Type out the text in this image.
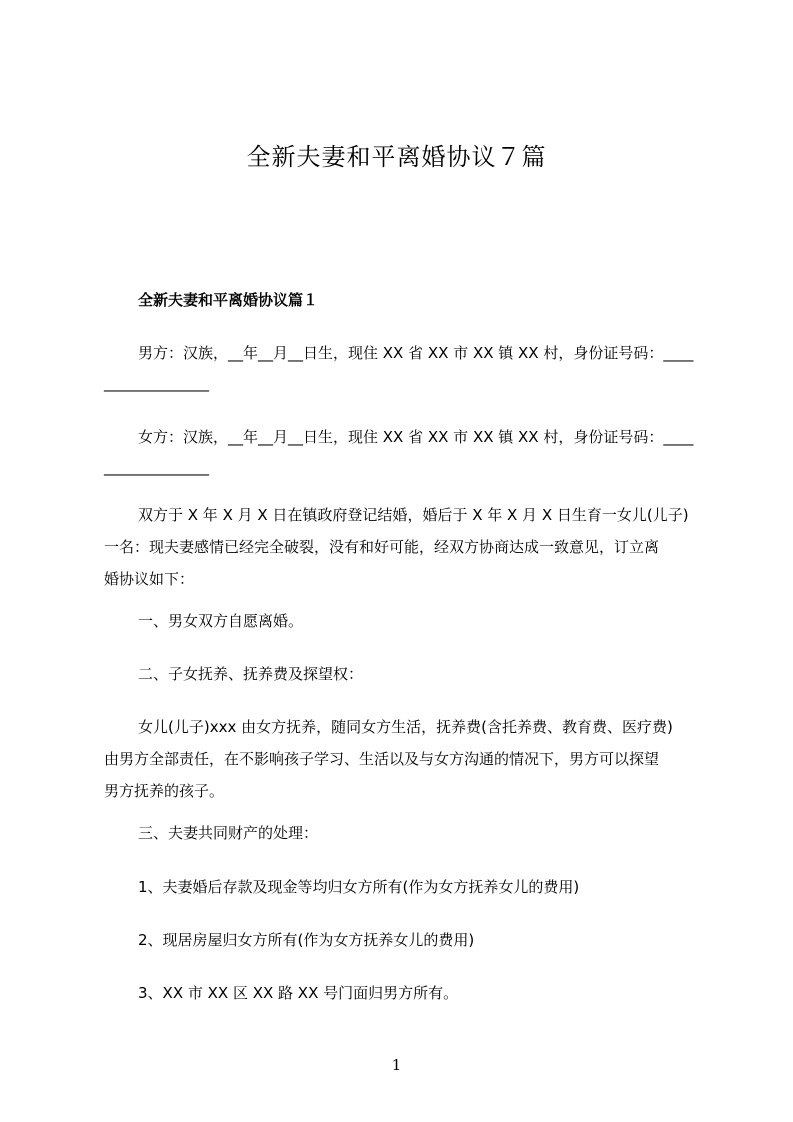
全新夫妻和平离婚协议７篇
全新夫妻和平离婚协议篇１
男方：汉族，__年__月__日生，现住 XX 省 XX 市 XX 镇 XX 村，身份证号码：____
______________
女方：汉族，__年__月__日生，现住 XX 省 XX 市 XX 镇 XX 村，身份证号码：____
______________
双方于 X 年 X 月 X 日在镇政府登记结婚，婚后于 X 年 X 月 X 日生育一女儿(儿子)
一名：现夫妻感情已经完全破裂，没有和好可能，经双方协商达成一致意见，订立离
婚协议如下：
一、男女双方自愿离婚。
二、子女抚养、抚养费及探望权：
女儿(儿子)xxx 由女方抚养，随同女方生活，抚养费(含托养费、教育费、医疗费)
由男方全部责任，在不影响孩子学习、生活以及与女方沟通的情况下，男方可以探望
男方抚养的孩子。
三、夫妻共同财产的处理：
1、夫妻婚后存款及现金等均归女方所有(作为女方抚养女儿的费用)
2、现居房屋归女方所有(作为女方抚养女儿的费用)
3、XX 市 XX 区 XX 路 XX 号门面归男方所有。
1
